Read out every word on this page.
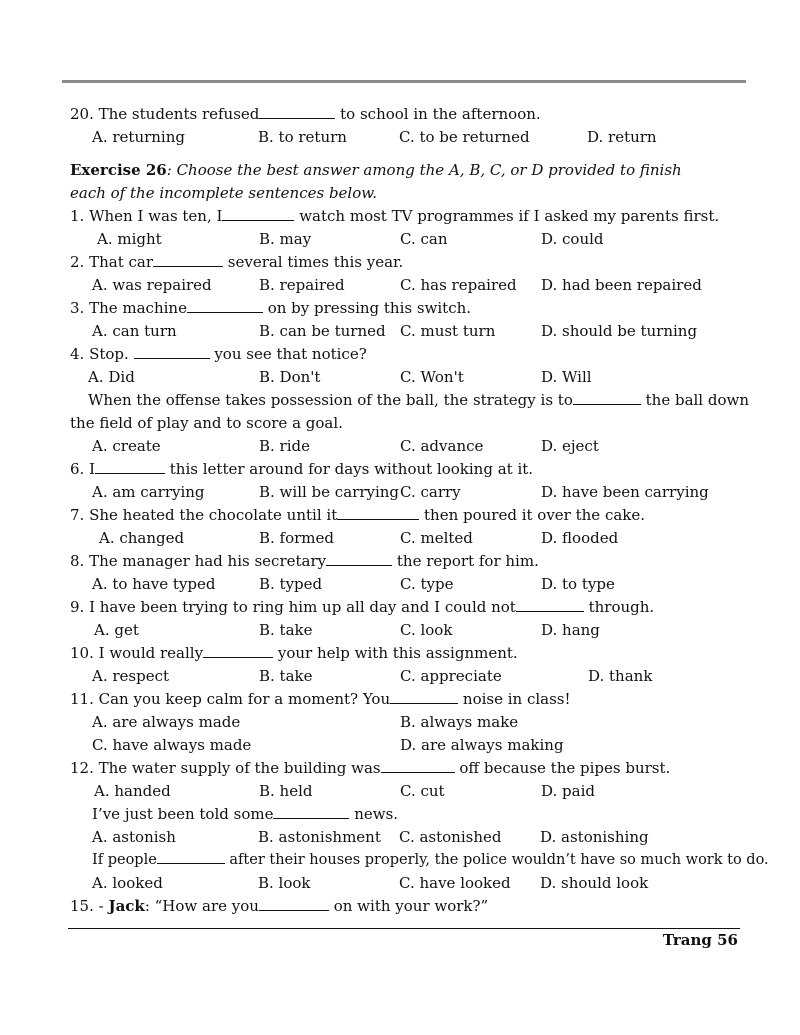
20. The students refused	to school in the afternoon.
A. returning	B. to return	C. to be returned	D. return
Exercise 26: Choose the best answer among the A, B, C, or D provided to finish each of the incomplete sentences below.
1. When I was ten, I	watch most TV programmes if I asked my parents first.
A. might	B. may	C. can	D. could
2. That car	several times this year.
A. was repaired	B. repaired	C. has repaired D. had been repaired
3. The machine	on by pressing this switch.
A. can turn	B. can be turned C. must turn	D. should be turning
4. Stop.	you see that notice?
A. Did	B. Don't	C. Won't	D. Will
When the offense takes possession of the ball, the strategy is to	the ball down
the field of play and to score a goal.
A. create	B. ride	C. advance	D. eject
6. I	this letter around for days without looking at it.
A. am carrying	B. will be carrying C. carry	D. have been carrying
7. She heated the chocolate until it	then poured it over the cake.
A. changed	B. formed	C. melted	D. flooded
8. The manager had his secretary	the report for him.
A. to have typed	B. typed	C. type	D. to type
9. I have been trying to ring him up all day and I could not	through.
A. get	B. take	C. look	D. hang
10. I would really	your help with this assignment.
A. respect	B. take	C. appreciate	D. thank
11. Can you keep calm for a moment? You	noise in class!
A. are always made	B. always make
C. have always made	D. are always making
12. The water supply of the building was	off because the pipes burst.
A. handed	B. held	C. cut	D. paid
I’ve just been told some	news.
A. astonish	B. astonishment C. astonished	D. astonishing
If people	after their houses properly, the police wouldn’t have so much work to do.
A. looked	B. look	C. have looked D. should look
15. - Jack: “How are you	on with your work?”
Trang 56
